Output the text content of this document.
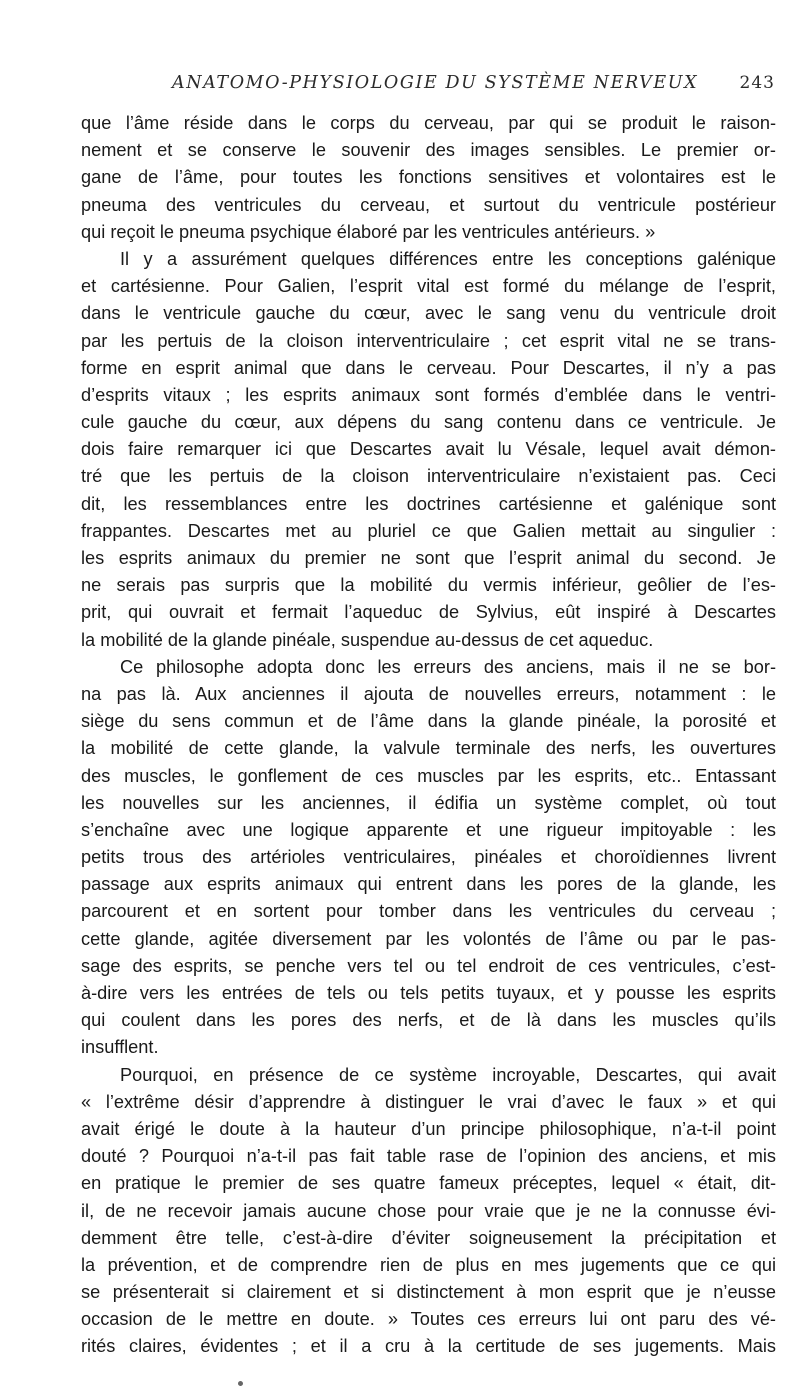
ANATOMO-PHYSIOLOGIE DU SYSTÈME NERVEUX 243
que l’âme réside dans le corps du cerveau, par qui se produit le raison-
nement et se conserve le souvenir des images sensibles. Le premier or-
gane de l’âme, pour toutes les fonctions sensitives et volontaires est le
pneuma des ventricules du cerveau, et surtout du ventricule postérieur
qui reçoit le pneuma psychique élaboré par les ventricules antérieurs. »
Il y a assurément quelques différences entre les conceptions galénique
et cartésienne. Pour Galien, l’esprit vital est formé du mélange de l’esprit,
dans le ventricule gauche du cœur, avec le sang venu du ventricule droit
par les pertuis de la cloison interventriculaire ; cet esprit vital ne se trans-
forme en esprit animal que dans le cerveau. Pour Descartes, il n’y a pas
d’esprits vitaux ; les esprits animaux sont formés d’emblée dans le ventri-
cule gauche du cœur, aux dépens du sang contenu dans ce ventricule. Je
dois faire remarquer ici que Descartes avait lu Vésale, lequel avait démon-
tré que les pertuis de la cloison interventriculaire n’existaient pas. Ceci
dit, les ressemblances entre les doctrines cartésienne et galénique sont
frappantes. Descartes met au pluriel ce que Galien mettait au singulier :
les esprits animaux du premier ne sont que l’esprit animal du second. Je
ne serais pas surpris que la mobilité du vermis inférieur, geôlier de l’es-
prit, qui ouvrait et fermait l’aqueduc de Sylvius, eût inspiré à Descartes
la mobilité de la glande pinéale, suspendue au-dessus de cet aqueduc.
Ce philosophe adopta donc les erreurs des anciens, mais il ne se bor-
na pas là. Aux anciennes il ajouta de nouvelles erreurs, notamment : le
siège du sens commun et de l’âme dans la glande pinéale, la porosité et
la mobilité de cette glande, la valvule terminale des nerfs, les ouvertures
des muscles, le gonflement de ces muscles par les esprits, etc.. Entassant
les nouvelles sur les anciennes, il édifia un système complet, où tout
s’enchaîne avec une logique apparente et une rigueur impitoyable : les
petits trous des artérioles ventriculaires, pinéales et choroïdiennes livrent
passage aux esprits animaux qui entrent dans les pores de la glande, les
parcourent et en sortent pour tomber dans les ventricules du cerveau ;
cette glande, agitée diversement par les volontés de l’âme ou par le pas-
sage des esprits, se penche vers tel ou tel endroit de ces ventricules, c’est-
à-dire vers les entrées de tels ou tels petits tuyaux, et y pousse les esprits
qui coulent dans les pores des nerfs, et de là dans les muscles qu’ils
insufflent.
Pourquoi, en présence de ce système incroyable, Descartes, qui avait
« l’extrême désir d’apprendre à distinguer le vrai d’avec le faux » et qui
avait érigé le doute à la hauteur d’un principe philosophique, n’a-t-il point
douté ? Pourquoi n’a-t-il pas fait table rase de l’opinion des anciens, et mis
en pratique le premier de ses quatre fameux préceptes, lequel « était, dit-
il, de ne recevoir jamais aucune chose pour vraie que je ne la connusse évi-
demment être telle, c’est-à-dire d’éviter soigneusement la précipitation et
la prévention, et de comprendre rien de plus en mes jugements que ce qui
se présenterait si clairement et si distinctement à mon esprit que je n’eusse
occasion de le mettre en doute. » Toutes ces erreurs lui ont paru des vé-
rités claires, évidentes ; et il a cru à la certitude de ses jugements. Mais
